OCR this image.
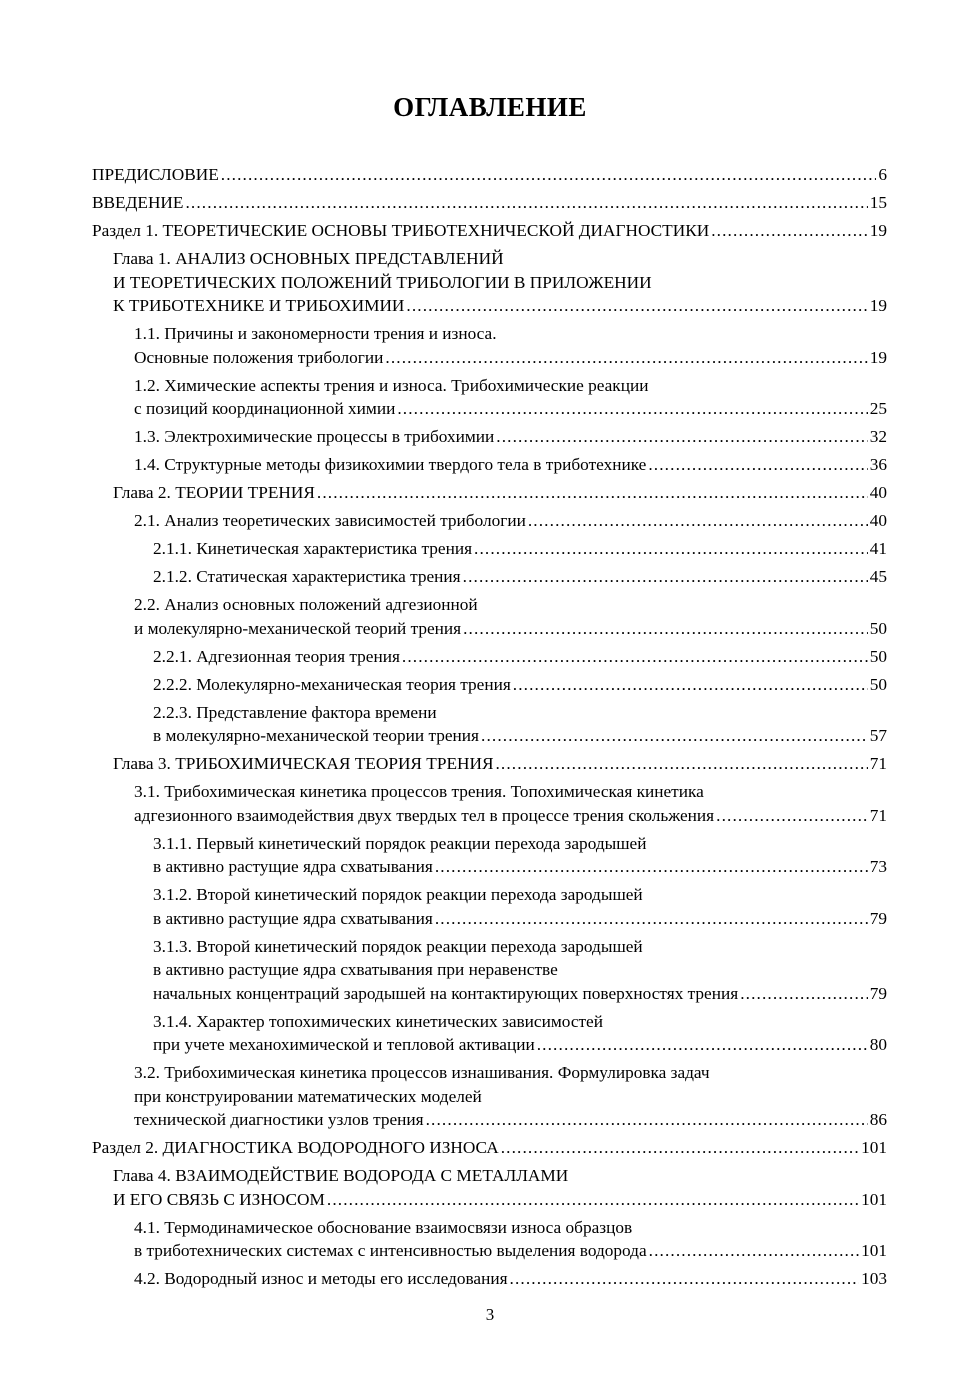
ОГЛАВЛЕНИЕ
ПРЕДИСЛОВИЕ . . .	6
ВВЕДЕНИЕ . . .	15
Раздел 1. ТЕОРЕТИЧЕСКИЕ ОСНОВЫ ТРИБОТЕХНИЧЕСКОЙ ДИАГНОСТИКИ . . .	19
Глава 1. АНАЛИЗ ОСНОВНЫХ ПРЕДСТАВЛЕНИЙ
И ТЕОРЕТИЧЕСКИХ ПОЛОЖЕНИЙ ТРИБОЛОГИИ В ПРИЛОЖЕНИИ
К ТРИБОТЕХНИКЕ И ТРИБОХИМИИ . . .	19
1.1. Причины и закономерности трения и износа.
Основные положения трибологии . . .	19
1.2. Химические аспекты трения и износа. Трибохимические реакции
с позиций координационной химии . . .	25
1.3. Электрохимические процессы в трибохимии . . .	32
1.4. Структурные методы физикохимии твердого тела в триботехнике . . .	36
Глава 2. ТЕОРИИ ТРЕНИЯ . . .	40
2.1. Анализ теоретических зависимостей трибологии . . .	40
2.1.1. Кинетическая характеристика трения . . .	41
2.1.2. Статическая характеристика трения . . .	45
2.2. Анализ основных положений адгезионной
и молекулярно-механической теорий трения . . .	50
2.2.1. Адгезионная теория трения . . .	50
2.2.2. Молекулярно-механическая теория трения . . .	50
2.2.3. Представление фактора времени
в молекулярно-механической теории трения . . .	57
Глава 3. ТРИБОХИМИЧЕСКАЯ ТЕОРИЯ ТРЕНИЯ . . .	71
3.1. Трибохимическая кинетика процессов трения. Топохимическая кинетика
адгезионного взаимодействия двух твердых тел в процессе трения скольжения . . .	71
3.1.1. Первый кинетический порядок реакции перехода зародышей
в активно растущие ядра схватывания . . .	73
3.1.2. Второй кинетический порядок реакции перехода зародышей
в активно растущие ядра схватывания . . .	79
3.1.3. Второй кинетический порядок реакции перехода зародышей
в активно растущие ядра схватывания при неравенстве
начальных концентраций зародышей на контактирующих поверхностях трения . . .	79
3.1.4. Характер топохимических кинетических зависимостей
при учете механохимической и тепловой активации . . .	80
3.2. Трибохимическая кинетика процессов изнашивания. Формулировка задач
при конструировании математических моделей
технической диагностики узлов трения . . .	86
Раздел 2. ДИАГНОСТИКА ВОДОРОДНОГО ИЗНОСА . . .	101
Глава 4. ВЗАИМОДЕЙСТВИЕ ВОДОРОДА С МЕТАЛЛАМИ
И ЕГО СВЯЗЬ С ИЗНОСОМ . . .	101
4.1. Термодинамическое обоснование взаимосвязи износа образцов
в триботехнических системах с интенсивностью выделения водорода . . .	101
4.2. Водородный износ и методы его исследования . . .	103
3
